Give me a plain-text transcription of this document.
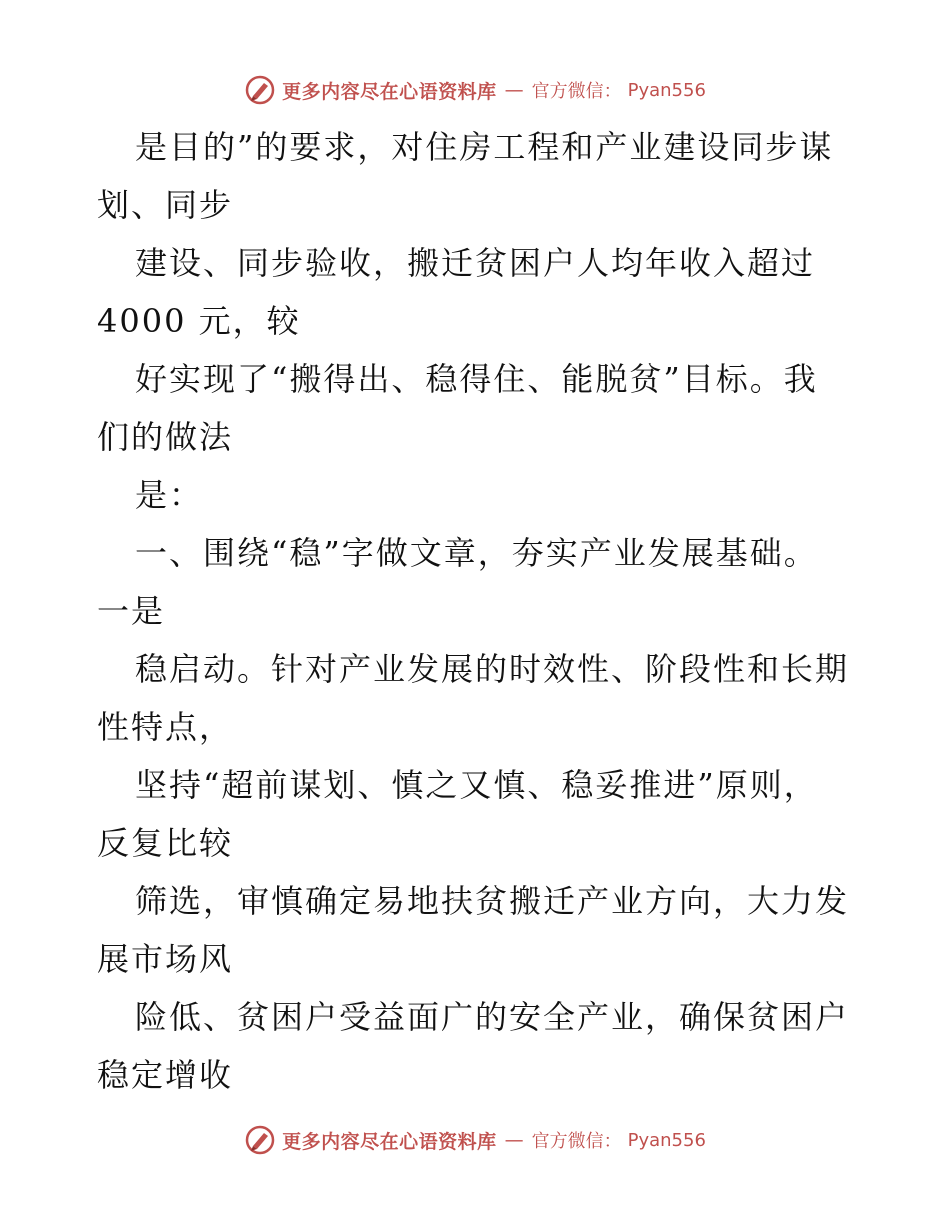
更多内容尽在心语资料库 — 官方微信： Pyan556
是目的”的要求，对住房工程和产业建设同步谋
划、同步
建设、同步验收，搬迁贫困户人均年收入超过
4000 元，较
好实现了“搬得出、稳得住、能脱贫”目标。我
们的做法
是：
一、围绕“稳”字做文章，夯实产业发展基础。
一是
稳启动。针对产业发展的时效性、阶段性和长期
性特点，
坚持“超前谋划、慎之又慎、稳妥推进”原则，
反复比较
筛选，审慎确定易地扶贫搬迁产业方向，大力发
展市场风
险低、贫困户受益面广的安全产业，确保贫困户
稳定增收
更多内容尽在心语资料库 — 官方微信： Pyan556
